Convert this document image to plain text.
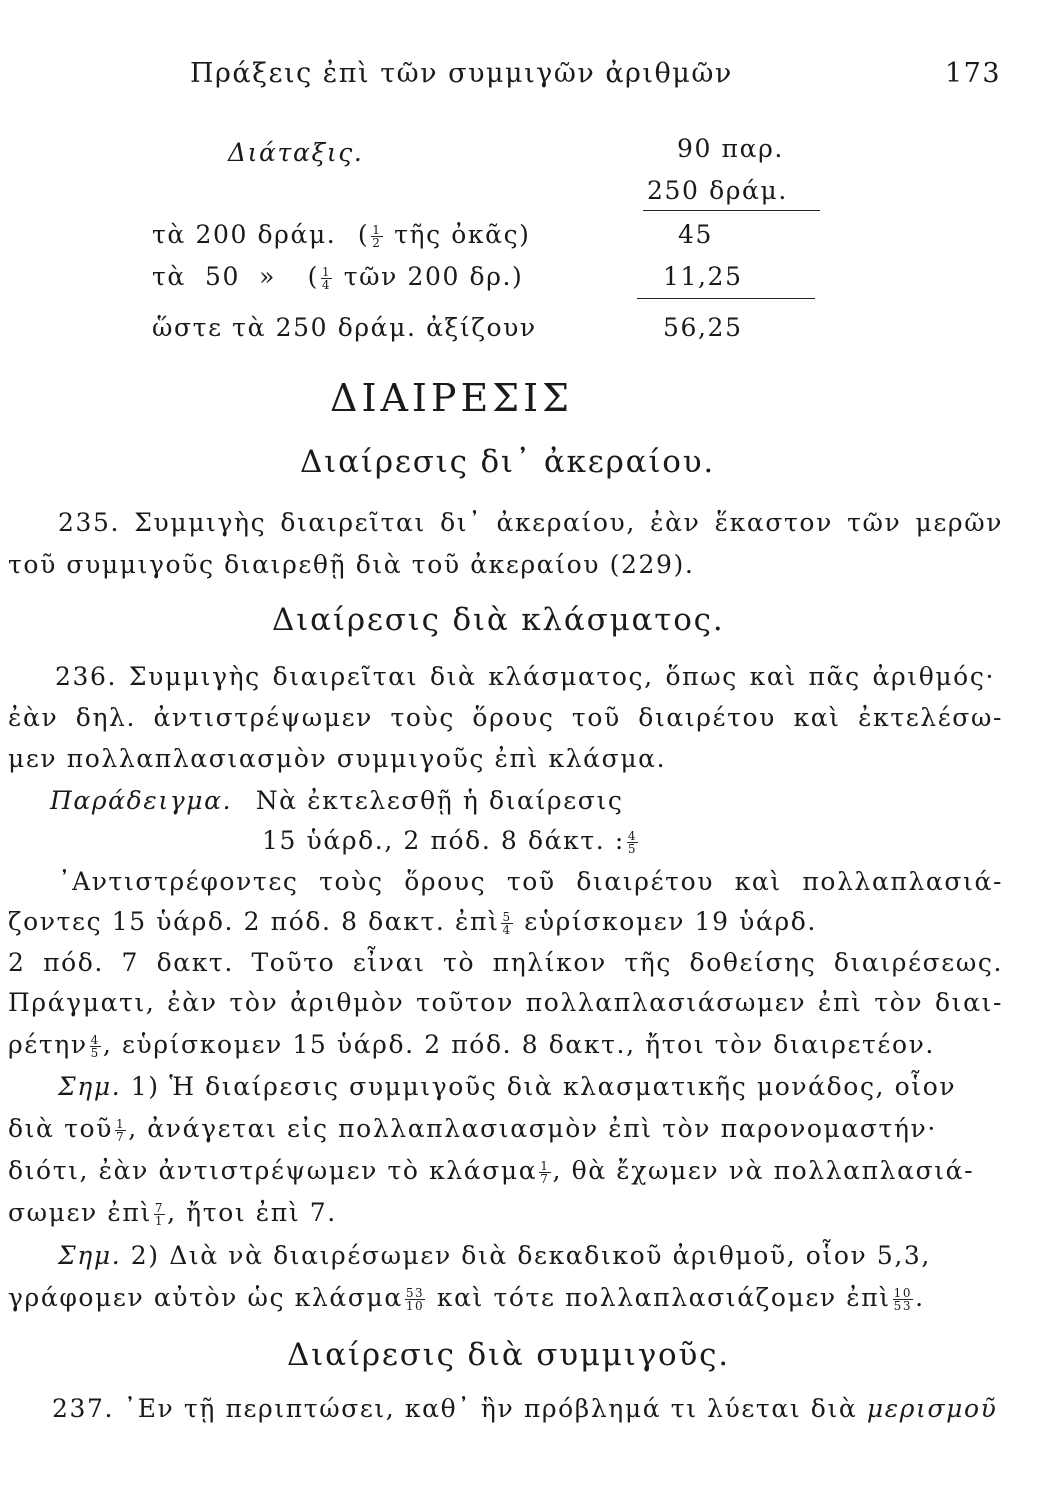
Πράξεις ἐπὶ τῶν συμμιγῶν ἀριθμῶν	173
Διάταξις.	90 παρ.
250 δράμ.
τὰ 200 δράμ. ( $\frac{1}{2}$ τῆς ὀκᾶς)	45
τὰ  50  » ( $\frac{1}{4}$ τῶν 200 δρ.)	11,25
ὥστε τὰ 250 δράμ. ἀξίζουν	56,25
ΔΙΑΙΡΕΣΙΣ
Διαίρεσις δι᾽ ἀκεραίου.
235. Συμμιγὴς διαιρεῖται δι᾽ ἀκεραίου, ἐὰν ἕκαστον τῶν μερῶν
τοῦ συμμιγοῦς διαιρεθῇ διὰ τοῦ ἀκεραίου (229).
Διαίρεσις διὰ κλάσματος.
236. Συμμιγὴς διαιρεῖται διὰ κλάσματος, ὅπως καὶ πᾶς ἀριθμός·
ἐὰν δηλ. ἀντιστρέψωμεν τοὺς ὅρους τοῦ διαιρέτου καὶ ἐκτελέσω-
μεν πολλαπλασιασμὸν συμμιγοῦς ἐπὶ κλάσμα.
Παράδειγμα. Νὰ ἐκτελεσθῇ ἡ διαίρεσις
15 ὑάρδ., 2 πόδ. 8 δάκτ. : $\frac{4}{5}$
᾽Αντιστρέφοντες τοὺς ὅρους τοῦ διαιρέτου καὶ πολλαπλασιά-
ζοντες 15 ὑάρδ. 2 πόδ. 8 δακτ. ἐπὶ $\frac{5}{4}$ εὑρίσκομεν 19 ὑάρδ.
2 πόδ. 7 δακτ. Τοῦτο εἶναι τὸ πηλίκον τῆς δοθείσης διαιρέσεως.
Πράγματι, ἐὰν τὸν ἀριθμὸν τοῦτον πολλαπλασιάσωμεν ἐπὶ τὸν διαι-
ρέτην $\frac{4}{5}$ , εὑρίσκομεν 15 ὑάρδ. 2 πόδ. 8 δακτ., ἤτοι τὸν διαιρετέον.
Σημ. 1) Ἡ διαίρεσις συμμιγοῦς διὰ κλασματικῆς μονάδος, οἷον
διὰ τοῦ $\frac{1}{7}$ , ἀνάγεται εἰς πολλαπλασιασμὸν ἐπὶ τὸν παρονομαστήν·
διότι, ἐὰν ἀντιστρέψωμεν τὸ κλάσμα $\frac{1}{7}$ , θὰ ἔχωμεν νὰ πολλαπλασιά-
σωμεν ἐπὶ $\frac{7}{1}$ , ἤτοι ἐπὶ 7.
Σημ. 2) Διὰ νὰ διαιρέσωμεν διὰ δεκαδικοῦ ἀριθμοῦ, οἷον 5,3,
γράφομεν αὐτὸν ὡς κλάσμα $\frac{53}{10}$ καὶ τότε πολλαπλασιάζομεν ἐπὶ $\frac{10}{53}$ .
Διαίρεσις διὰ συμμιγοῦς.
237. ᾽Εν τῇ περιπτώσει, καθ᾽ ἣν πρόβλημά τι λύεται διὰ μερισμοῦ
